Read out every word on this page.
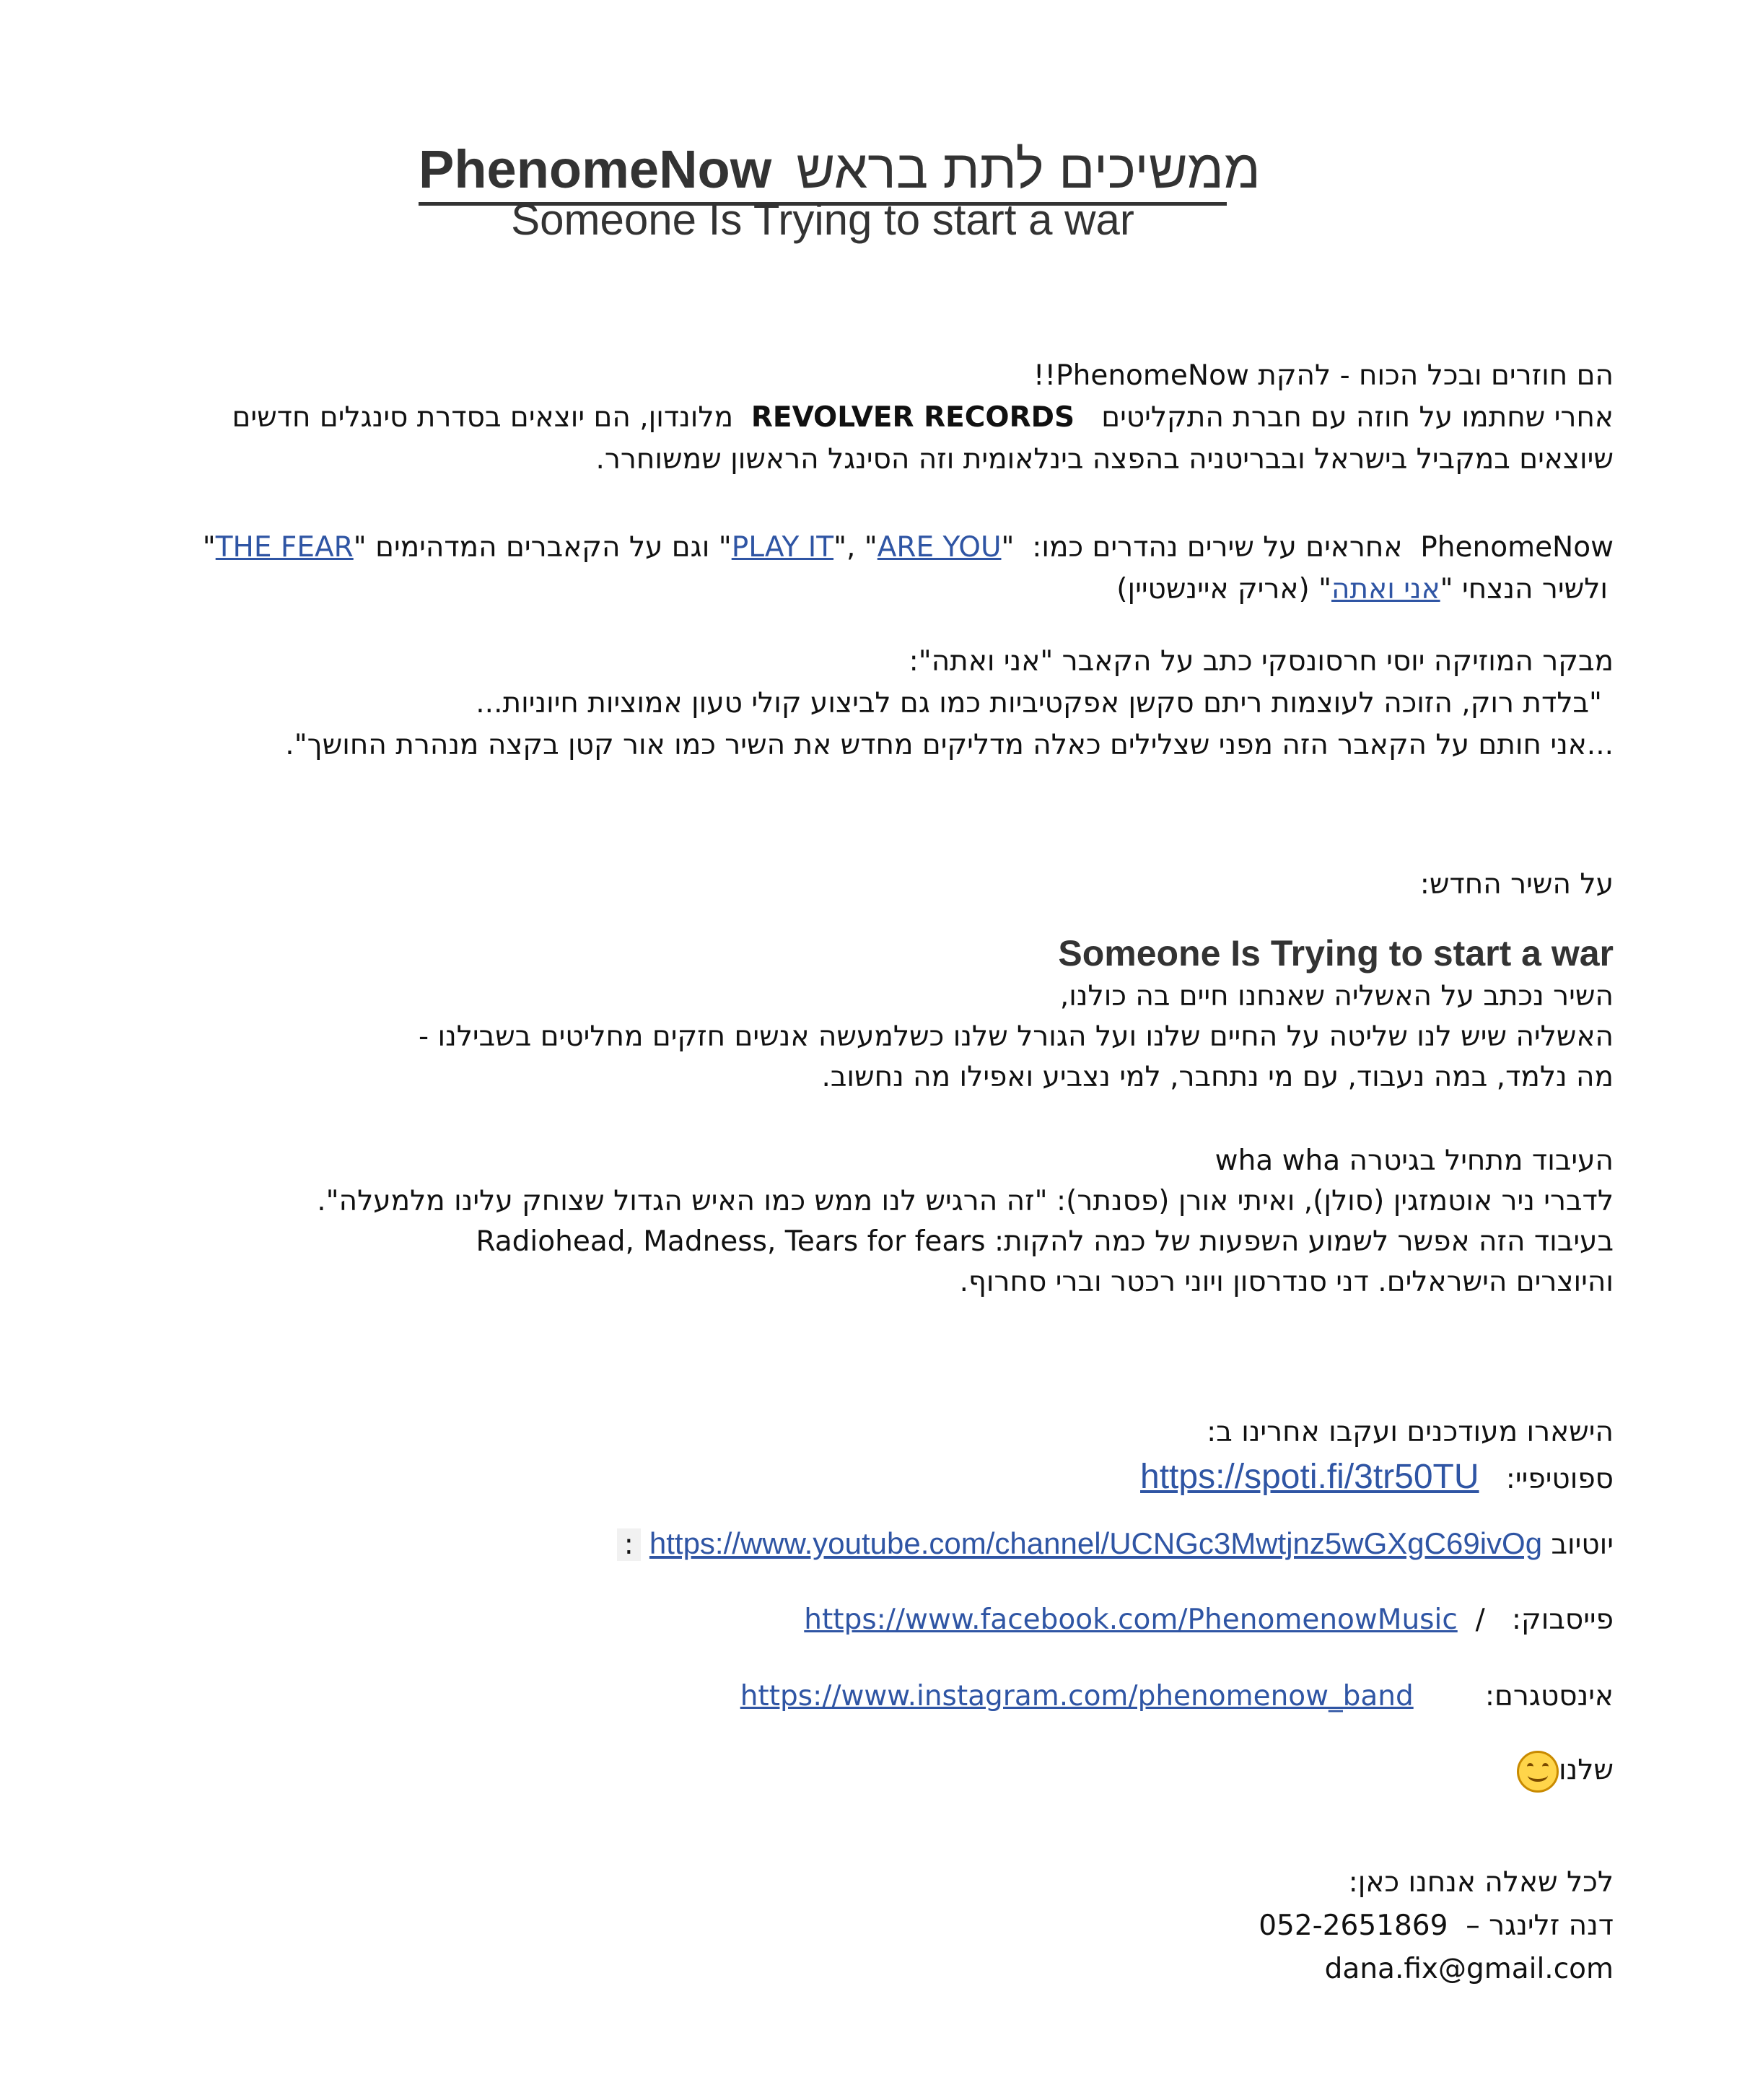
PhenomeNow ממשיכים לתת בראש
Someone Is Trying to start a war
הם חוזרים ובכל הכוח - להקת PhenomeNow!!
אחרי שחתמו על חוזה עם חברת התקליטים   REVOLVER RECORDS  מלונדון, הם יוצאים בסדרת סינגלים חדשים
שיוצאים במקביל בישראל ובבריטניה בהפצה בינלאומית וזה הסינגל הראשון שמשוחרר.
PhenomeNow  אחראים על שירים נהדרים כמו:  "ARE YOU" ,"PLAY IT" וגם על הקאברים המדהימים "THE FEAR"
ולשיר הנצחי "אני ואתה" (אריק איינשטיין)
מבקר המוזיקה יוסי חרסונסקי כתב על הקאבר "אני ואתה":
"בלדת רוק, הזוכה לעוצמות ריתם סקשן אפקטיביות כמו גם לביצוע קולי טעון אמוציות חיוניות...
...אני חותם על הקאבר הזה מפני שצלילים כאלה מדליקים מחדש את השיר כמו אור קטן בקצה מנהרת החושך".
על השיר החדש:
Someone Is Trying to start a war
השיר נכתב על האשליה שאנחנו חיים בה כולנו,
האשליה שיש לנו שליטה על החיים שלנו ועל הגורל שלנו כשלמעשה אנשים חזקים מחליטים בשבילנו -
מה נלמד, במה נעבוד, עם מי נתחבר, למי נצביע ואפילו מה נחשוב.
העיבוד מתחיל בגיטרה wha wha
לדברי ניר אוטמזגין (סולן), ואיתי אורן (פסנתר): "זה הרגיש לנו ממש כמו האיש הגדול שצוחק עלינו מלמעלה".
בעיבוד הזה אפשר לשמוע השפעות של כמה להקות: Radiohead, Madness, Tears for fears
והיוצרים הישראלים. דני סנדרסון ויוני רכטר וברי סחרוף.
הישארו מעודכנים ועקבו אחרינו ב:
ספוטיפיי:   https://spoti.fi/3tr50TU
יוטיוב https://www.youtube.com/channel/UCNGc3Mwtjnz5wGXgC69ivOg:
פייסבוק:   /  https://www.facebook.com/PhenomenowMusic
אינסטגרם:        https://www.instagram.com/phenomenow_band
שלנו
לכל שאלה אנחנו כאן:
דנה זלינגר –  052-2651869
dana.fix@gmail.com
